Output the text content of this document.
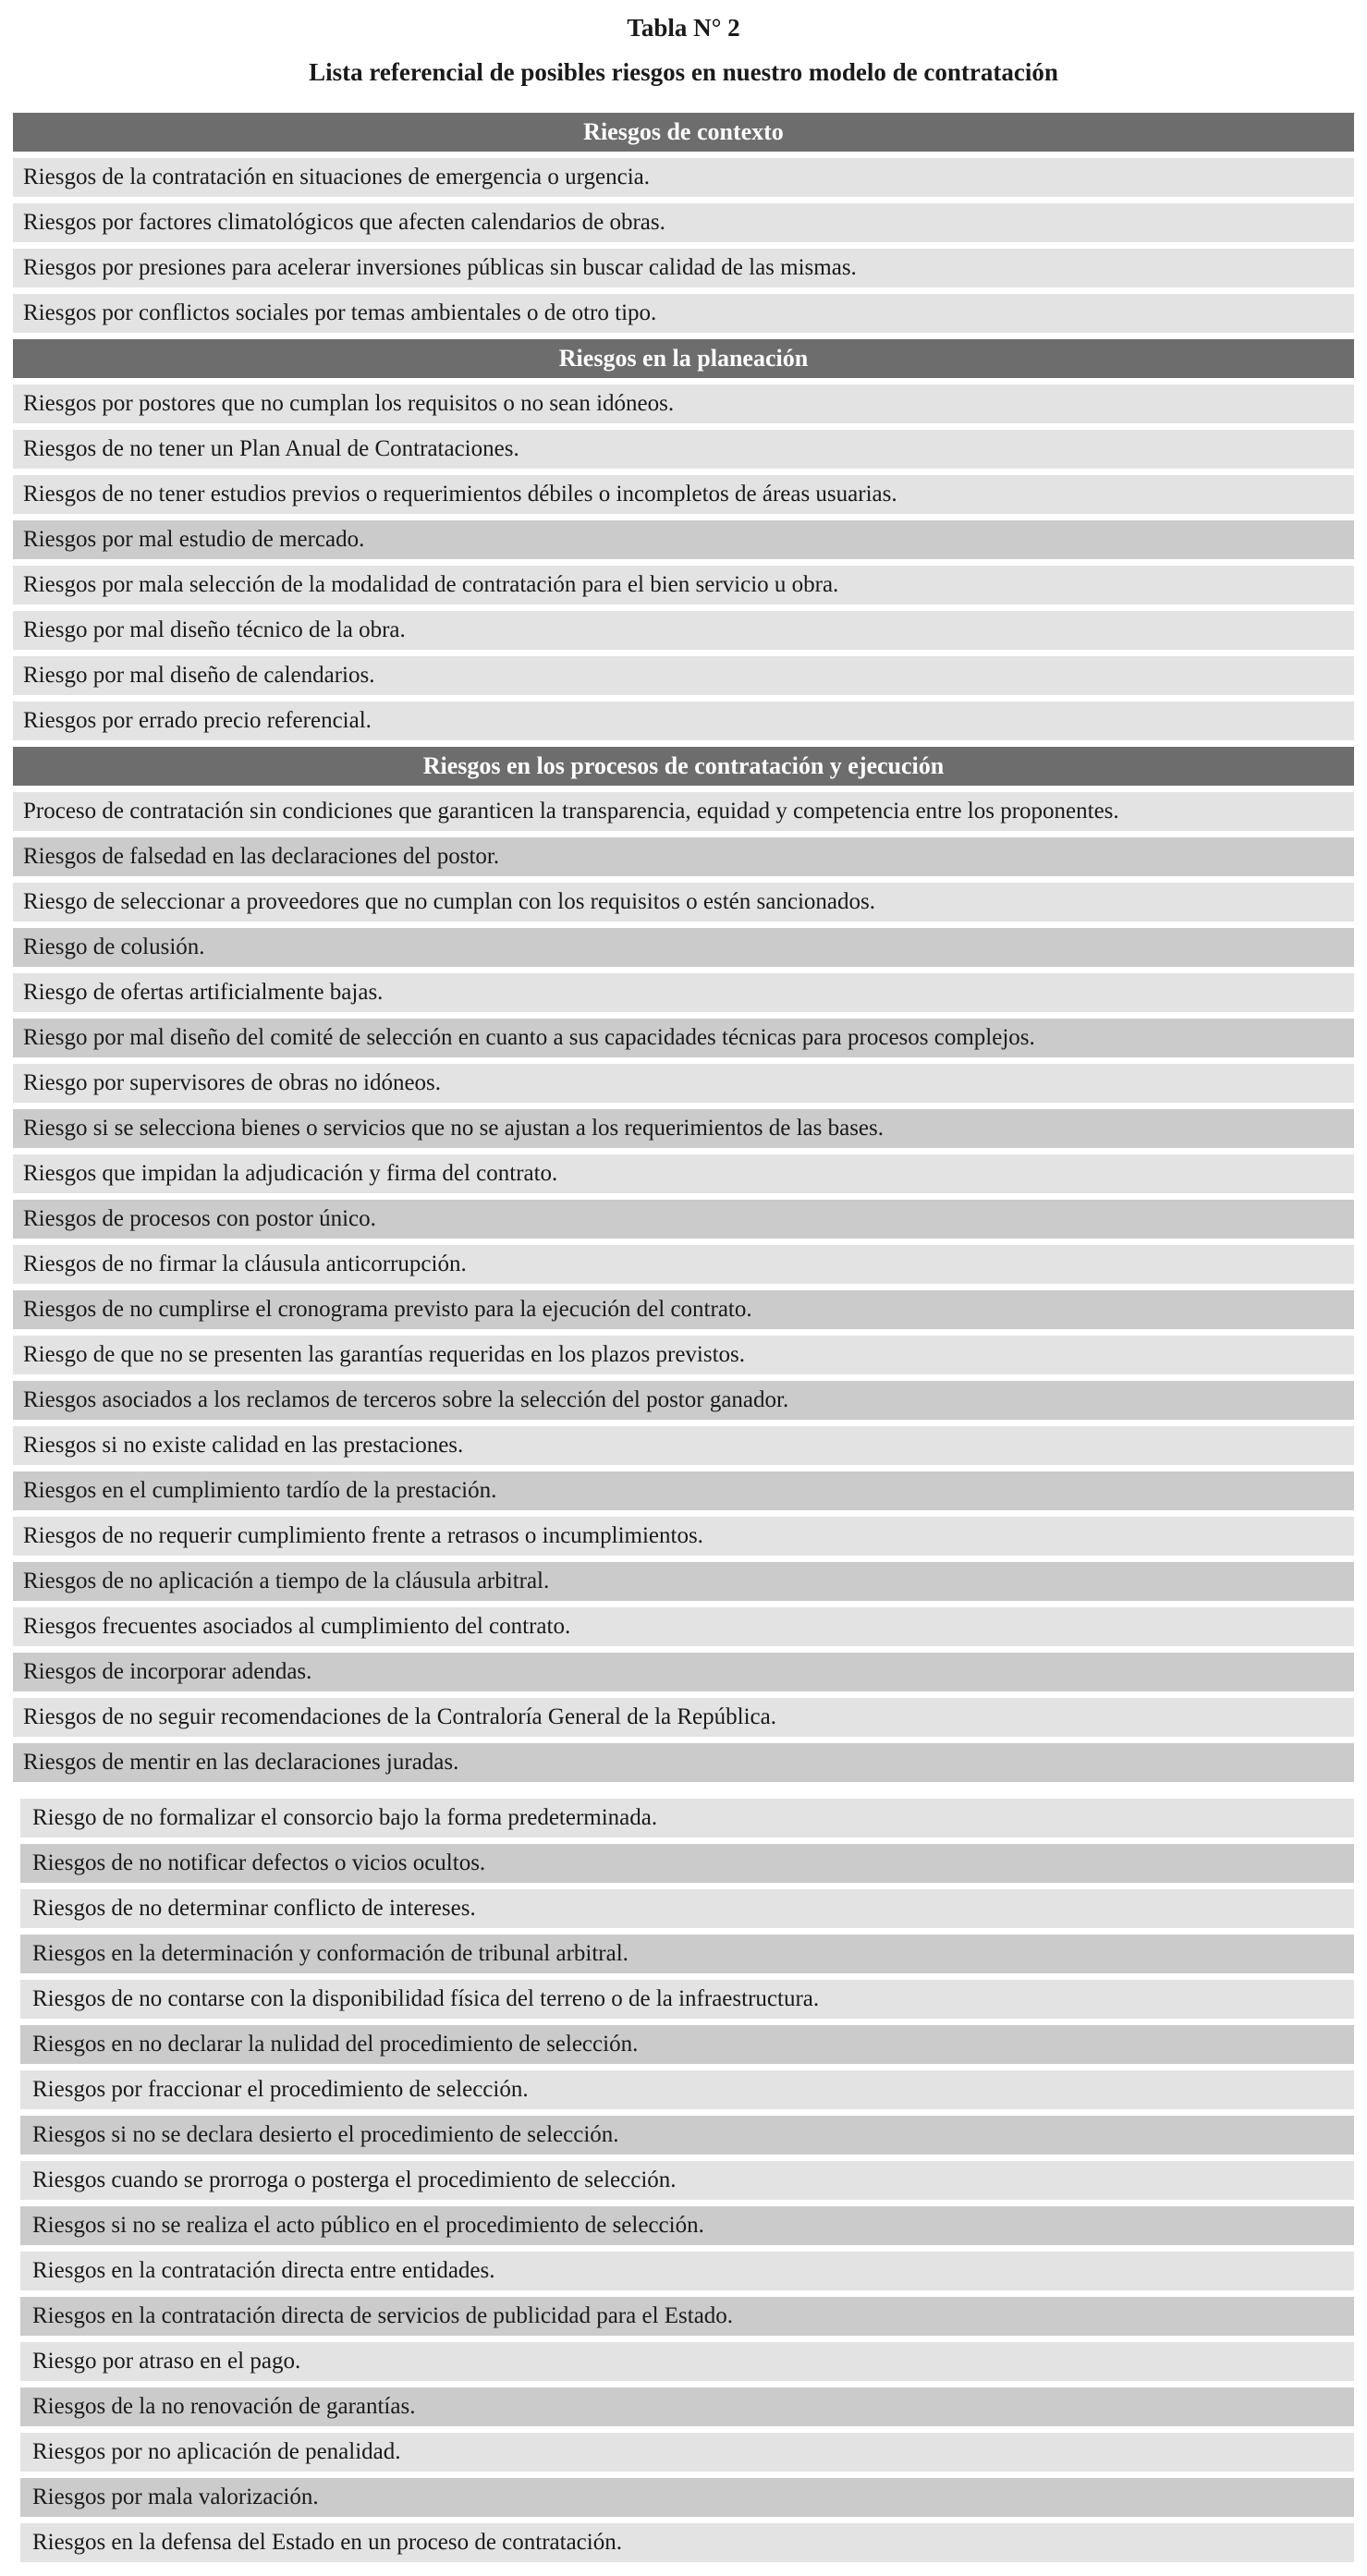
Tabla N° 2
Lista referencial de posibles riesgos en nuestro modelo de contratación
Riesgos de contexto
Riesgos de la contratación en situaciones de emergencia o urgencia.
Riesgos por factores climatológicos que afecten calendarios de obras.
Riesgos por presiones para acelerar inversiones públicas sin buscar calidad de las mismas.
Riesgos por conflictos sociales por temas ambientales o de otro tipo.
Riesgos en la planeación
Riesgos por postores que no cumplan los requisitos o no sean idóneos.
Riesgos de no tener un Plan Anual de Contrataciones.
Riesgos de no tener estudios previos o requerimientos débiles o incompletos de áreas usuarias.
Riesgos por mal estudio de mercado.
Riesgos por mala selección de la modalidad de contratación para el bien servicio u obra.
Riesgo por mal diseño técnico de la obra.
Riesgo por mal diseño de calendarios.
Riesgos por errado precio referencial.
Riesgos en los procesos de contratación y ejecución
Proceso de contratación sin condiciones que garanticen la transparencia, equidad y competencia entre los proponentes.
Riesgos de falsedad en las declaraciones del postor.
Riesgo de seleccionar a proveedores que no cumplan con los requisitos o estén sancionados.
Riesgo de colusión.
Riesgo de ofertas artificialmente bajas.
Riesgo por mal diseño del comité de selección en cuanto a sus capacidades técnicas para procesos complejos.
Riesgo por supervisores de obras no idóneos.
Riesgo si se selecciona bienes o servicios que no se ajustan a los requerimientos de las bases.
Riesgos que impidan la adjudicación y firma del contrato.
Riesgos de procesos con postor único.
Riesgos de no firmar la cláusula anticorrupción.
Riesgos de no cumplirse el cronograma previsto para la ejecución del contrato.
Riesgo de que no se presenten las garantías requeridas en los plazos previstos.
Riesgos asociados a los reclamos de terceros sobre la selección del postor ganador.
Riesgos si no existe calidad en las prestaciones.
Riesgos en el cumplimiento tardío de la prestación.
Riesgos de no requerir cumplimiento frente a retrasos o incumplimientos.
Riesgos de no aplicación a tiempo de la cláusula arbitral.
Riesgos frecuentes asociados al cumplimiento del contrato.
Riesgos de incorporar adendas.
Riesgos de no seguir recomendaciones de la Contraloría General de la República.
Riesgos de mentir en las declaraciones juradas.
Riesgo de no formalizar el consorcio bajo la forma predeterminada.
Riesgos de no notificar defectos o vicios ocultos.
Riesgos de no determinar conflicto de intereses.
Riesgos en la determinación y conformación de tribunal arbitral.
Riesgos de no contarse con la disponibilidad física del terreno o de la infraestructura.
Riesgos en no declarar la nulidad del procedimiento de selección.
Riesgos por fraccionar el procedimiento de selección.
Riesgos si no se declara desierto el procedimiento de selección.
Riesgos cuando se prorroga o posterga el procedimiento de selección.
Riesgos si no se realiza el acto público en el procedimiento de selección.
Riesgos en la contratación directa entre entidades.
Riesgos en la contratación directa de servicios de publicidad para el Estado.
Riesgo por atraso en el pago.
Riesgos de la no renovación de garantías.
Riesgos por no aplicación de penalidad.
Riesgos por mala valorización.
Riesgos en la defensa del Estado en un proceso de contratación.
